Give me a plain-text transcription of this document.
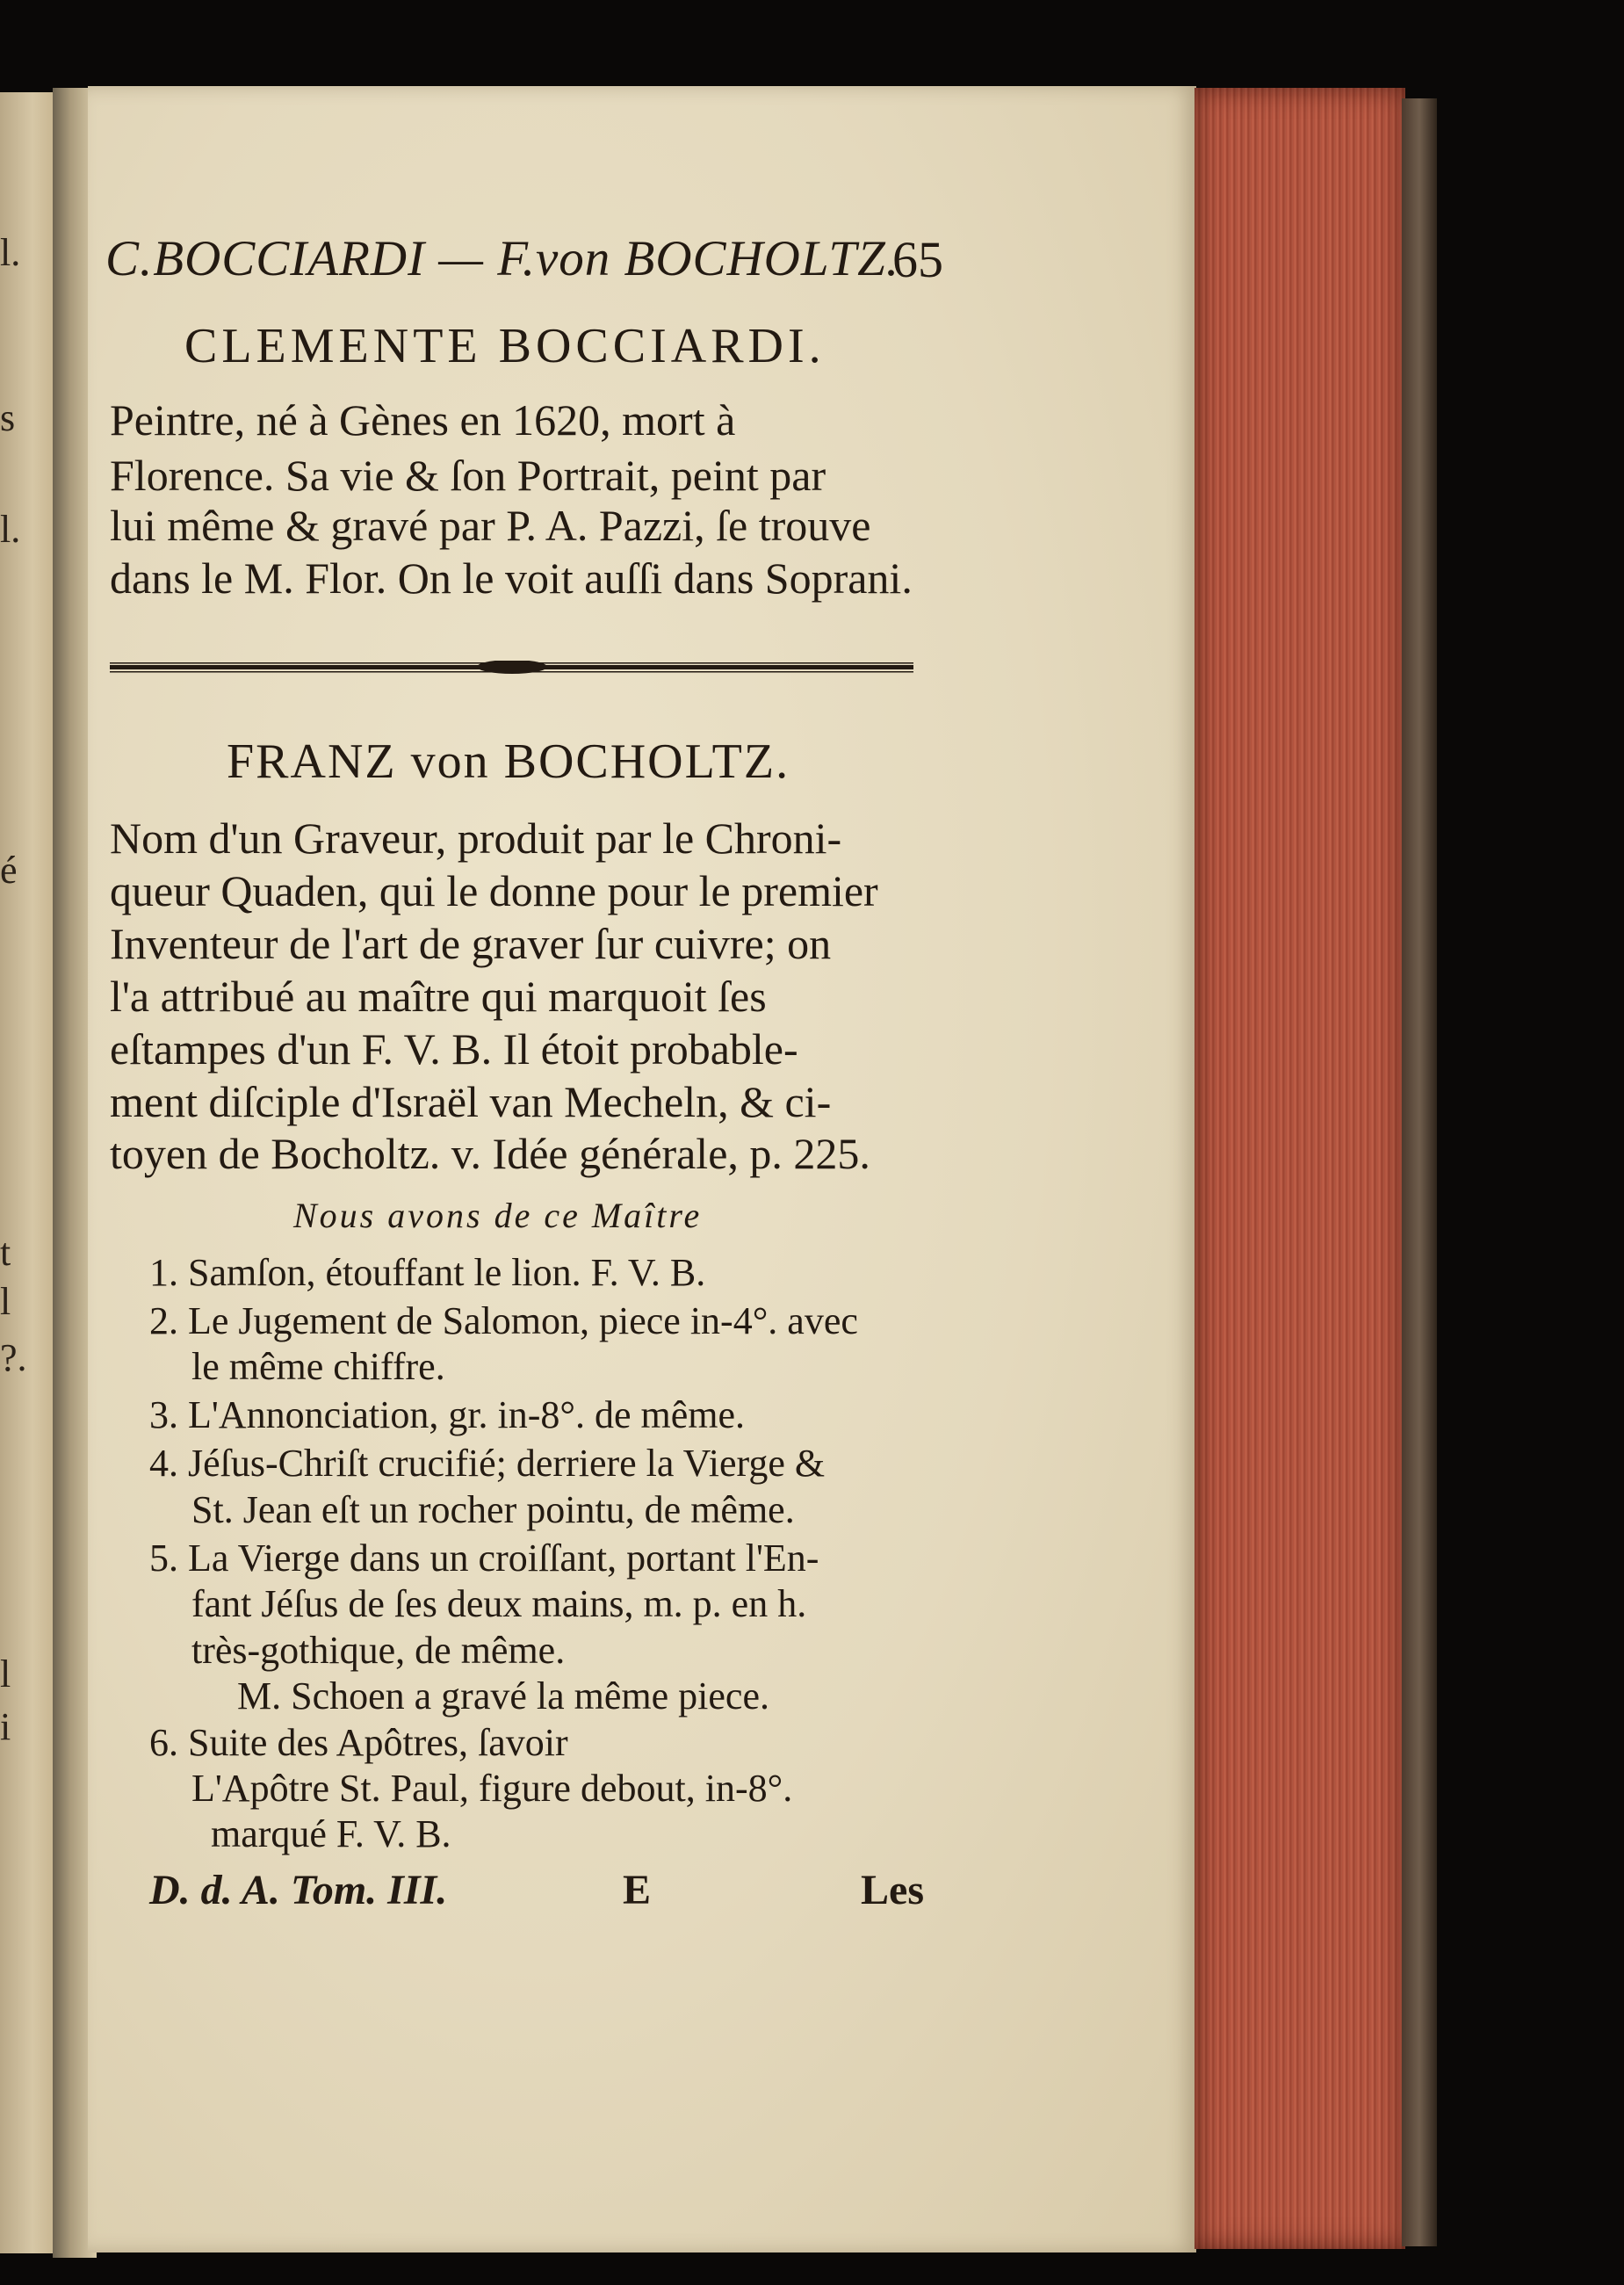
l.
s
l.
é
t
l
?.
l
i
C.BOCCIARDI — F.von BOCHOLTZ.
65
CLEMENTE BOCCIARDI.
Peintre, né à Gènes en 1620, mort à
Florence. Sa vie & ſon Portrait, peint par
lui même & gravé par P. A. Pazzi, ſe trouve
dans le M. Flor. On le voit auſſi dans Soprani.
FRANZ von BOCHOLTZ.
Nom d'un Graveur, produit par le Chroni-
queur Quaden, qui le donne pour le premier
Inventeur de l'art de graver ſur cuivre; on
l'a attribué au maître qui marquoit ſes
eſtampes d'un F. V. B. Il étoit probable-
ment diſciple d'Israël van Mecheln, & ci-
toyen de Bocholtz. v. Idée générale, p. 225.
Nous avons de ce Maître
1. Samſon, étouffant le lion. F. V. B.
2. Le Jugement de Salomon, piece in-4°. avec
le même chiffre.
3. L'Annonciation, gr. in-8°. de même.
4. Jéſus-Chriſt crucifié; derriere la Vierge &
St. Jean eſt un rocher pointu, de même.
5. La Vierge dans un croiſſant, portant l'En-
fant Jéſus de ſes deux mains, m. p. en h.
très-gothique, de même.
M. Schoen a gravé la même piece.
6. Suite des Apôtres, ſavoir
L'Apôtre St. Paul, figure debout, in-8°.
marqué F. V. B.
D. d. A. Tom. III.	E	Les
